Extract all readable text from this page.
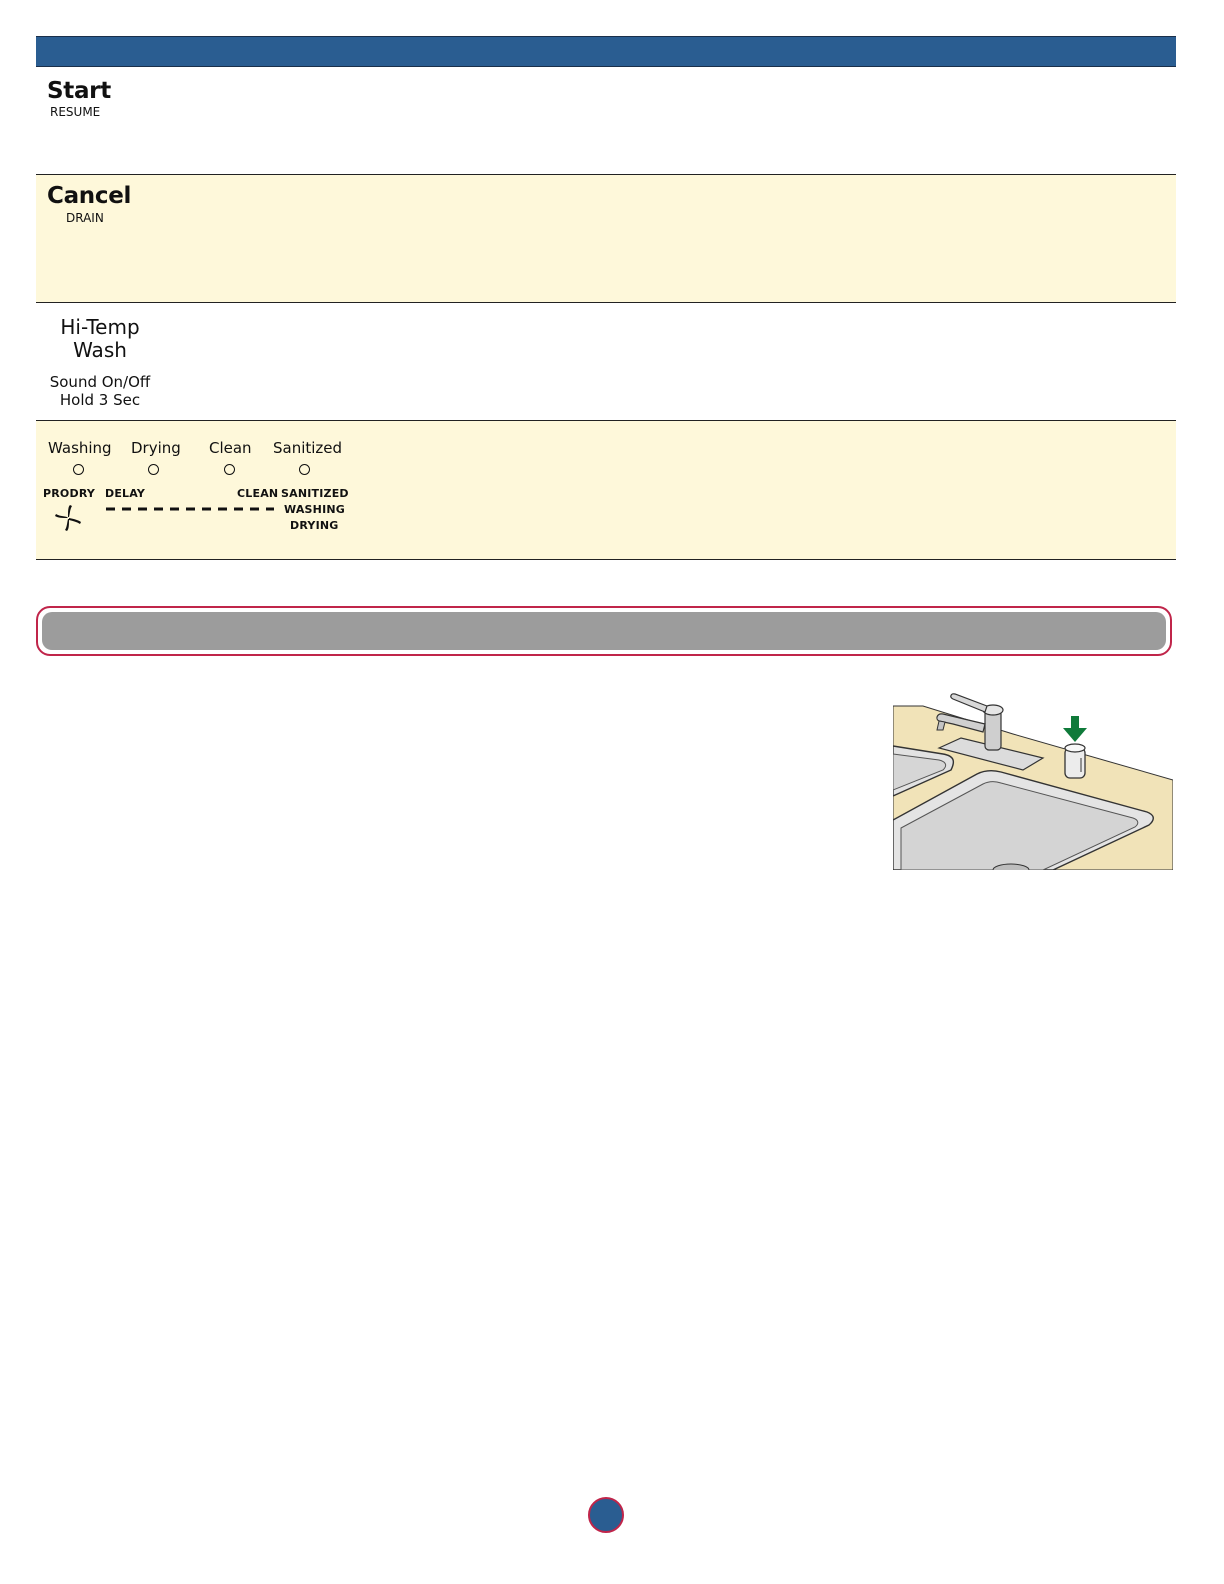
Start
RESUME
Cancel
DRAIN
Hi-Temp
Wash
Sound On/Off
Hold 3 Sec
Washing Drying Clean Sanitized
PRODRY DELAY	CLEAN SANITIZED
WASHING
DRYING
